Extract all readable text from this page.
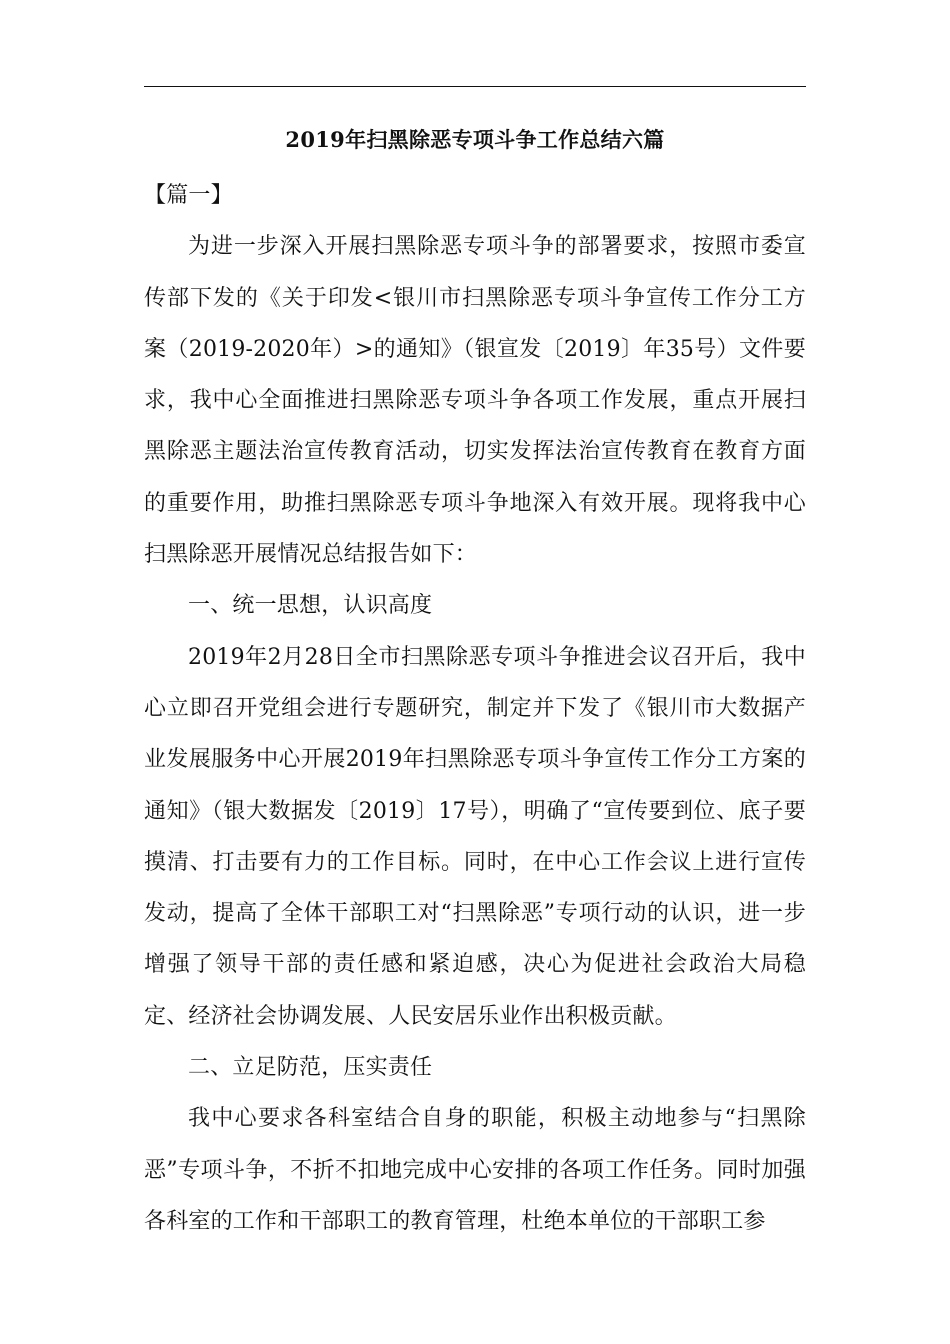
2019年扫黑除恶专项斗争工作总结六篇

【篇一】

为进一步深入开展扫黑除恶专项斗争的部署要求，按照市委宣传部下发的《关于印发<银川市扫黑除恶专项斗争宣传工作分工方案（2019-2020年）>的通知》（银宣发〔2019〕年35号）文件要求，我中心全面推进扫黑除恶专项斗争各项工作发展，重点开展扫黑除恶主题法治宣传教育活动，切实发挥法治宣传教育在教育方面的重要作用，助推扫黑除恶专项斗争地深入有效开展。现将我中心扫黑除恶开展情况总结报告如下：

一、统一思想，认识高度

2019年2月28日全市扫黑除恶专项斗争推进会议召开后，我中心立即召开党组会进行专题研究，制定并下发了《银川市大数据产业发展服务中心开展2019年扫黑除恶专项斗争宣传工作分工方案的通知》（银大数据发〔2019〕17号），明确了“宣传要到位、底子要摸清、打击要有力的工作目标。同时，在中心工作会议上进行宣传发动，提高了全体干部职工对“扫黑除恶”专项行动的认识，进一步增强了领导干部的责任感和紧迫感，决心为促进社会政治大局稳定、经济社会协调发展、人民安居乐业作出积极贡献。

二、立足防范，压实责任

我中心要求各科室结合自身的职能，积极主动地参与“扫黑除恶”专项斗争，不折不扣地完成中心安排的各项工作任务。同时加强各科室的工作和干部职工的教育管理，杜绝本单位的干部职工参
